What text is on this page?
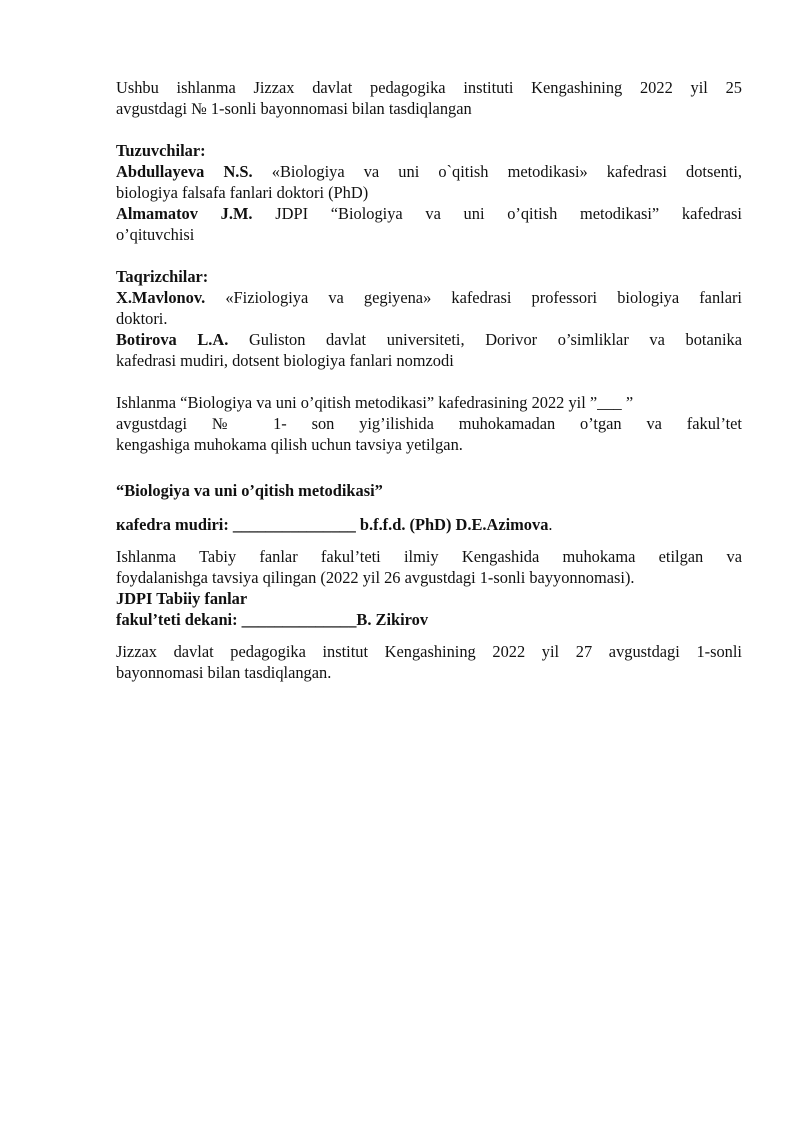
Ushbu ishlanma Jizzax davlat pedagogika instituti Kengashining 2022 yil 25

avgustdagi № 1-sonli bayonnomasi bilan tasdiqlangan

Tuzuvchilar:

Abdullayeva N.S. «Biologiya va uni o`qitish metodikasi» kafedrasi dotsenti,

biologiya falsafa fanlari doktori (PhD)

Almamatov J.M. JDPI “Biologiya va uni o’qitish metodikasi” kafedrasi

o’qituvchisi

Taqrizchilar:

X.Mavlonov. «Fiziologiya va gegiyena» kafedrasi professori biologiya fanlari

doktori.

Botirova L.A. Guliston davlat universiteti, Dorivor o’simliklar va botanika

kafedrasi mudiri, dotsent biologiya fanlari nomzodi

Ishlanma “Biologiya va uni o’qitish metodikasi” kafedrasining 2022 yil ”___ ”

avgustdagi № 1- son yig’ilishida muhokamadan o’tgan va fakul’tet

kengashiga muhokama qilish uchun tavsiya yetilgan.

“Biologiya va uni o’qitish metodikasi”

кafedra mudiri: _______________ b.f.f.d. (PhD) D.E.Azimova.

Ishlanma Tabiy fanlar fakul’teti ilmiy Kengashida muhokama etilgan va

foydalanishga tavsiya qilingan (2022 yil 26 avgustdagi 1-sonli bayyonnomasi).

JDPI Tabiiy fanlar

fakul’teti dekani: ______________B. Zikirov

Jizzax davlat pedagogika institut Kengashining 2022 yil 27 avgustdagi 1-sonli

bayonnomasi bilan tasdiqlangan.
